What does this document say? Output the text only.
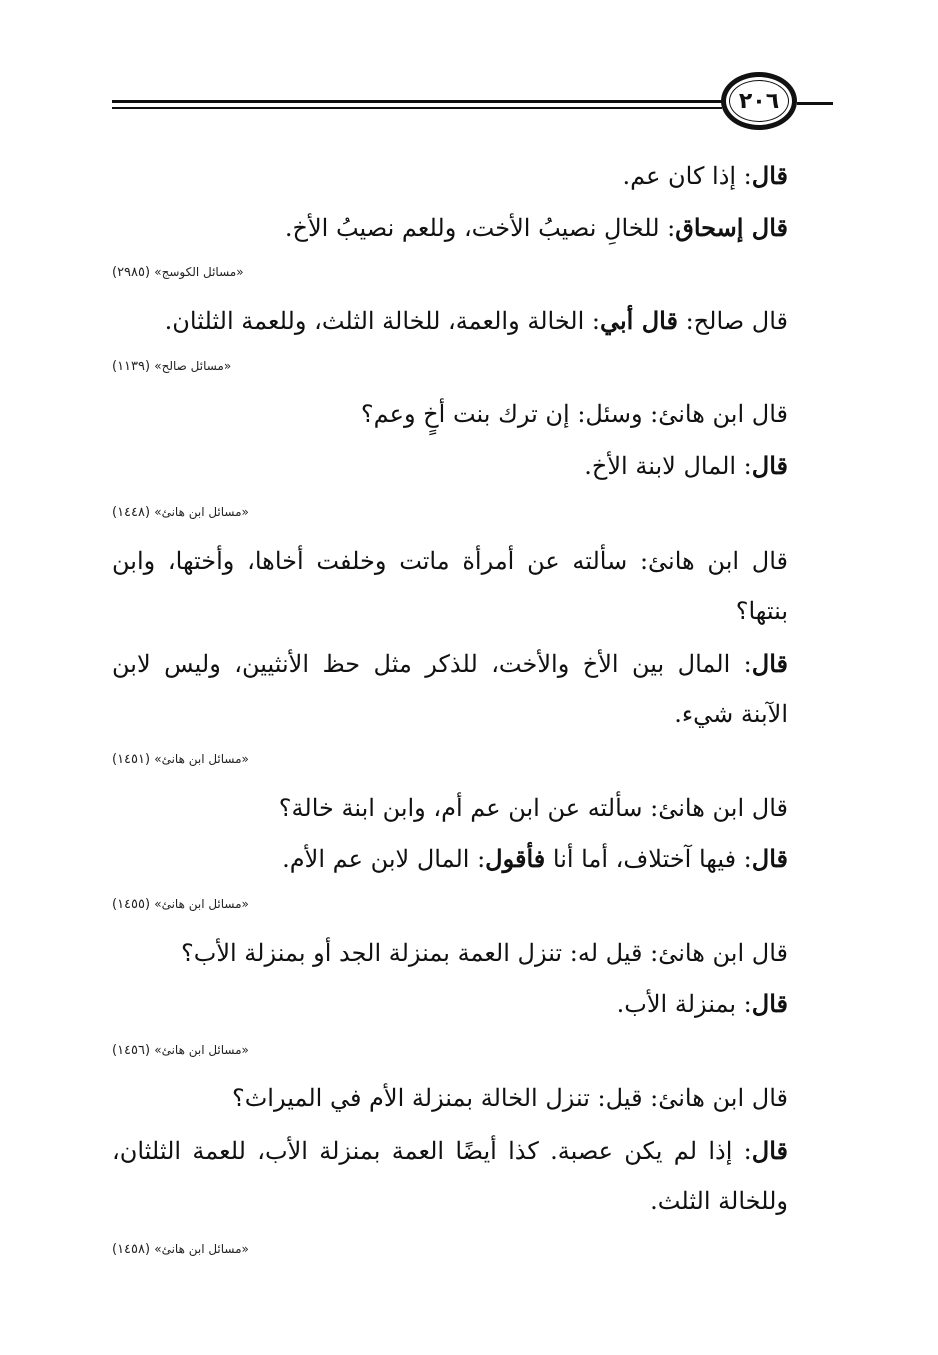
٢٠٦
قال: إذا كان عم.
قال إسحاق: للخالِ نصيبُ الأخت، وللعم نصيبُ الأخ.
«مسائل الكوسج» (٢٩٨٥)
قال صالح: قال أبي: الخالة والعمة، للخالة الثلث، وللعمة الثلثان.
«مسائل صالح» (١١٣٩)
قال ابن هانئ: وسئل: إن ترك بنت أخٍ وعم؟
قال: المال لابنة الأخ.
«مسائل ابن هانئ» (١٤٤٨)
قال ابن هانئ: سألته عن أمرأة ماتت وخلفت أخاها، وأختها، وابن
بنتها؟
قال: المال بين الأخ والأخت، للذكر مثل حظ الأنثيين، وليس لابن
الآبنة شيء.
«مسائل ابن هانئ» (١٤٥١)
قال ابن هانئ: سألته عن ابن عم أم، وابن ابنة خالة؟
قال: فيها آختلاف، أما أنا فأقول: المال لابن عم الأم.
«مسائل ابن هانئ» (١٤٥٥)
قال ابن هانئ: قيل له: تنزل العمة بمنزلة الجد أو بمنزلة الأب؟
قال: بمنزلة الأب.
«مسائل ابن هانئ» (١٤٥٦)
قال ابن هانئ: قيل: تنزل الخالة بمنزلة الأم في الميراث؟
قال: إذا لم يكن عصبة. كذا أيضًا العمة بمنزلة الأب، للعمة الثلثان،
وللخالة الثلث.
«مسائل ابن هانئ» (١٤٥٨)
